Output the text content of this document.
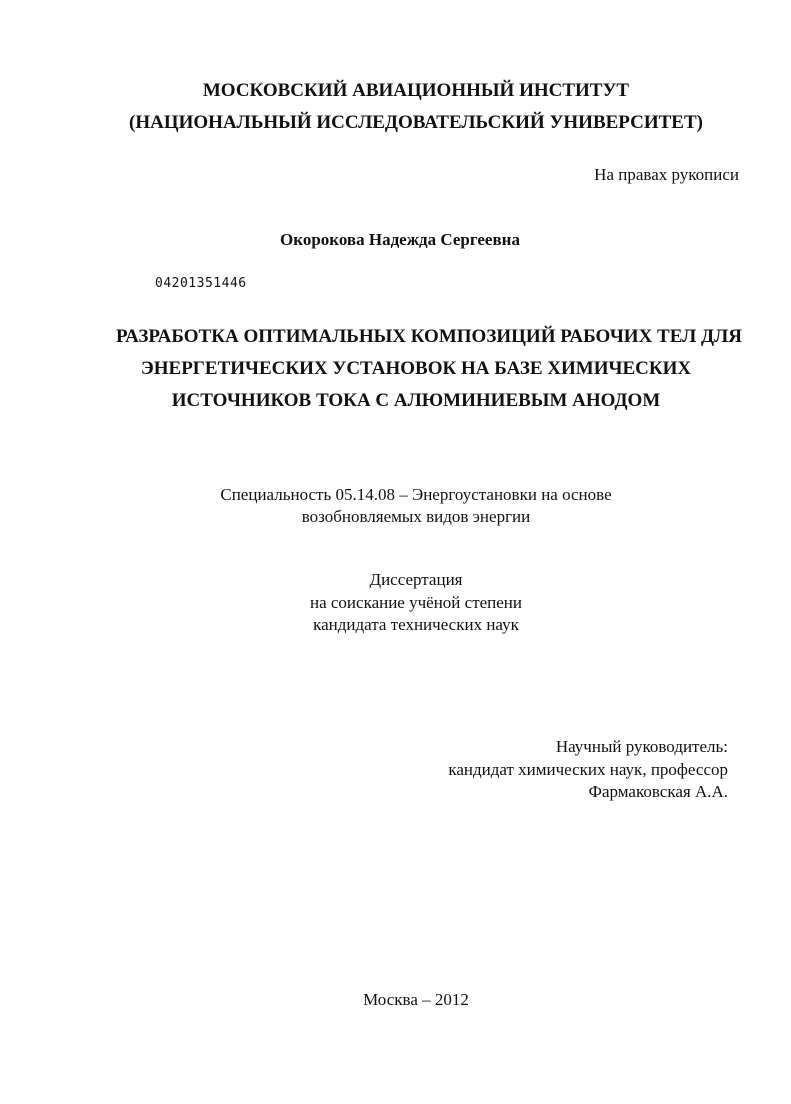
МОСКОВСКИЙ АВИАЦИОННЫЙ ИНСТИТУТ
(НАЦИОНАЛЬНЫЙ ИССЛЕДОВАТЕЛЬСКИЙ УНИВЕРСИТЕТ)
На правах рукописи
Окорокова Надежда Сергеевна
04201351446
РАЗРАБОТКА ОПТИМАЛЬНЫХ КОМПОЗИЦИЙ РАБОЧИХ ТЕЛ ДЛЯ
ЭНЕРГЕТИЧЕСКИХ УСТАНОВОК НА БАЗЕ ХИМИЧЕСКИХ
ИСТОЧНИКОВ ТОКА С АЛЮМИНИЕВЫМ АНОДОМ
Специальность 05.14.08 – Энергоустановки на основе
возобновляемых видов энергии
Диссертация
на соискание учёной степени
кандидата технических наук
Научный руководитель:
кандидат химических наук, профессор
Фармаковская А.А.
Москва – 2012
